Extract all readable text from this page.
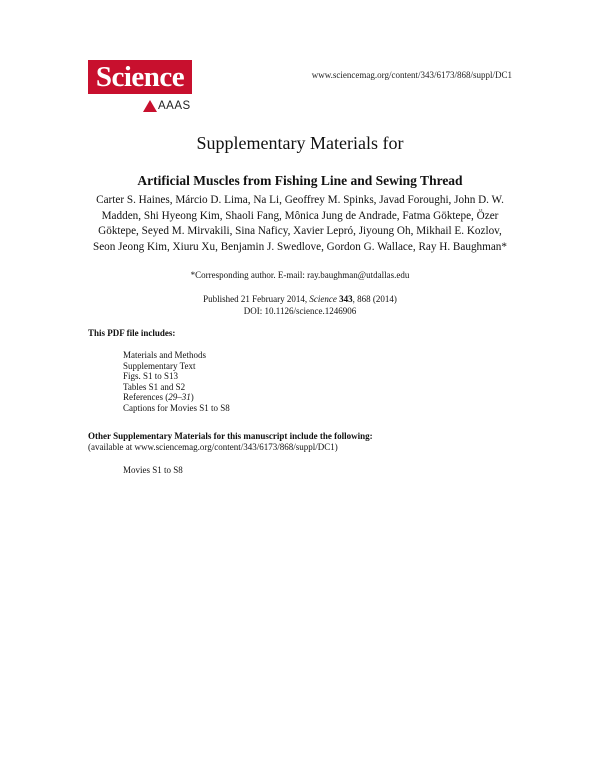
Science
AAAS
www.sciencemag.org/content/343/6173/868/suppl/DC1
Supplementary Materials for
Artificial Muscles from Fishing Line and Sewing Thread
Carter S. Haines, Márcio D. Lima, Na Li, Geoffrey M. Spinks, Javad Foroughi, John D. W. Madden, Shi Hyeong Kim, Shaoli Fang, Mônica Jung de Andrade, Fatma Göktepe, Özer Göktepe, Seyed M. Mirvakili, Sina Naficy, Xavier Lepró, Jiyoung Oh, Mikhail E. Kozlov, Seon Jeong Kim, Xiuru Xu, Benjamin J. Swedlove, Gordon G. Wallace, Ray H. Baughman*
*Corresponding author. E-mail: ray.baughman@utdallas.edu
Published 21 February 2014, Science 343, 868 (2014)
DOI: 10.1126/science.1246906
This PDF file includes:
Materials and Methods
Supplementary Text
Figs. S1 to S13
Tables S1 and S2
References (29–31)
Captions for Movies S1 to S8
Other Supplementary Materials for this manuscript include the following:
(available at www.sciencemag.org/content/343/6173/868/suppl/DC1)
Movies S1 to S8
